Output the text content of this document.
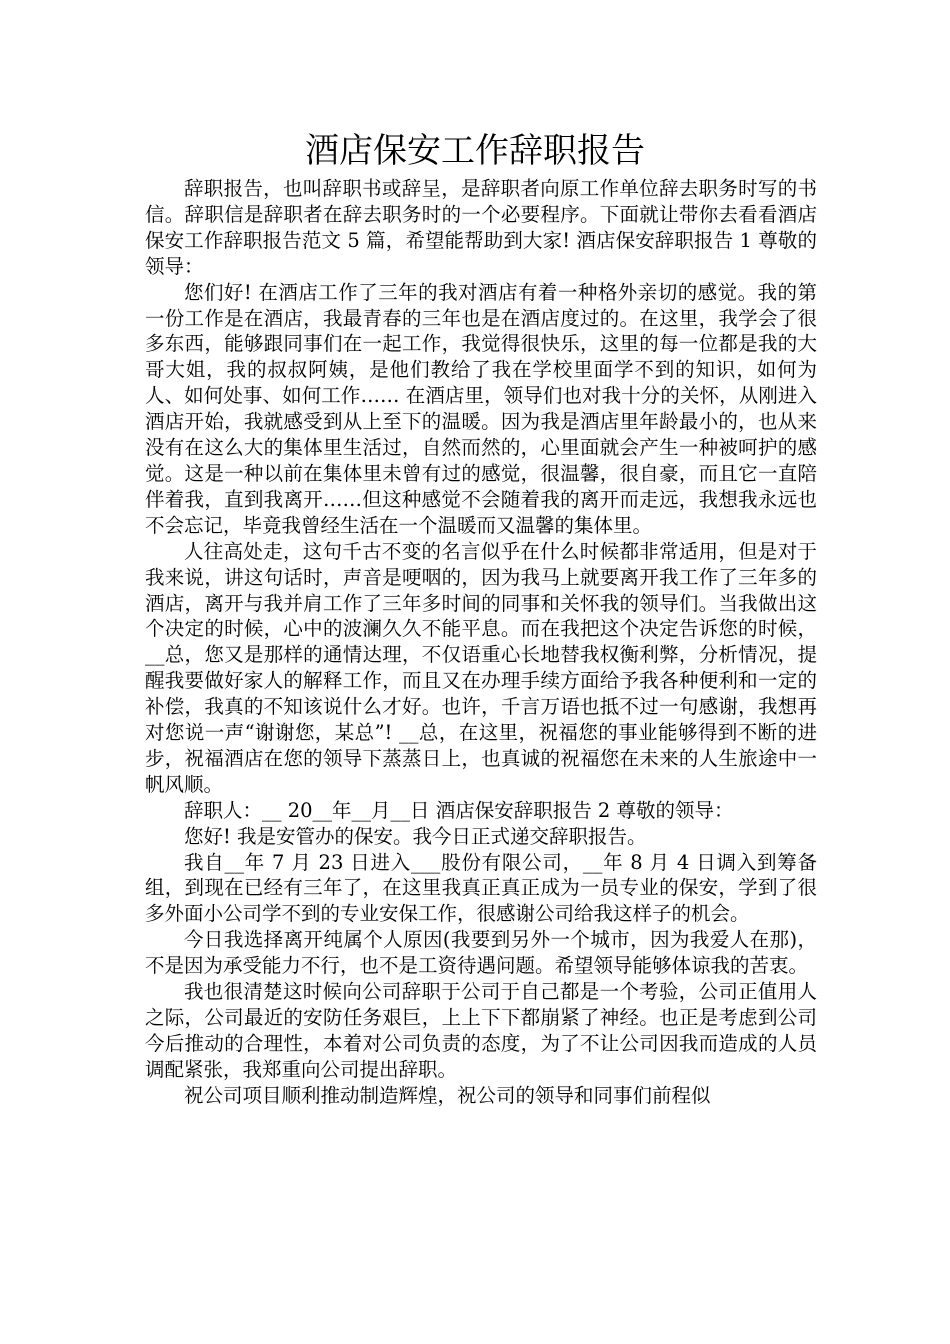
酒店保安工作辞职报告

辞职报告，也叫辞职书或辞呈，是辞职者向原工作单位辞去职务时写的书信。辞职信是辞职者在辞去职务时的一个必要程序。下面就让带你去看看酒店保安工作辞职报告范文 5 篇，希望能帮助到大家! 酒店保安辞职报告 1 尊敬的领导：

您们好! 在酒店工作了三年的我对酒店有着一种格外亲切的感觉。我的第一份工作是在酒店，我最青春的三年也是在酒店度过的。在这里，我学会了很多东西，能够跟同事们在一起工作，我觉得很快乐，这里的每一位都是我的大哥大姐，我的叔叔阿姨，是他们教给了我在学校里面学不到的知识，如何为人、如何处事、如何工作…… 在酒店里，领导们也对我十分的关怀，从刚进入酒店开始，我就感受到从上至下的温暖。因为我是酒店里年龄最小的，也从来没有在这么大的集体里生活过，自然而然的，心里面就会产生一种被呵护的感觉。这是一种以前在集体里未曾有过的感觉，很温馨，很自豪，而且它一直陪伴着我，直到我离开……但这种感觉不会随着我的离开而走远，我想我永远也不会忘记，毕竟我曾经生活在一个温暖而又温馨的集体里。

人往高处走，这句千古不变的名言似乎在什么时候都非常适用，但是对于我来说，讲这句话时，声音是哽咽的，因为我马上就要离开我工作了三年多的酒店，离开与我并肩工作了三年多时间的同事和关怀我的领导们。当我做出这个决定的时候，心中的波澜久久不能平息。而在我把这个决定告诉您的时候，__总，您又是那样的通情达理，不仅语重心长地替我权衡利弊，分析情况，提醒我要做好家人的解释工作，而且又在办理手续方面给予我各种便利和一定的补偿，我真的不知该说什么才好。也许，千言万语也抵不过一句感谢，我想再对您说一声“谢谢您，某总”! __总，在这里，祝福您的事业能够得到不断的进步，祝福酒店在您的领导下蒸蒸日上，也真诚的祝福您在未来的人生旅途中一帆风顺。

辞职人：__ 20__年__月__日 酒店保安辞职报告 2 尊敬的领导：

您好! 我是安管办的保安。我今日正式递交辞职报告。

我自__年 7 月 23 日进入___股份有限公司，__年 8 月 4 日调入到筹备组，到现在已经有三年了，在这里我真正真正成为一员专业的保安，学到了很多外面小公司学不到的专业安保工作，很感谢公司给我这样子的机会。

今日我选择离开纯属个人原因(我要到另外一个城市，因为我爱人在那)，不是因为承受能力不行，也不是工资待遇问题。希望领导能够体谅我的苦衷。

我也很清楚这时候向公司辞职于公司于自己都是一个考验，公司正值用人之际，公司最近的安防任务艰巨，上上下下都崩紧了神经。也正是考虑到公司今后推动的合理性，本着对公司负责的态度，为了不让公司因我而造成的人员调配紧张，我郑重向公司提出辞职。

祝公司项目顺利推动制造辉煌，祝公司的领导和同事们前程似
